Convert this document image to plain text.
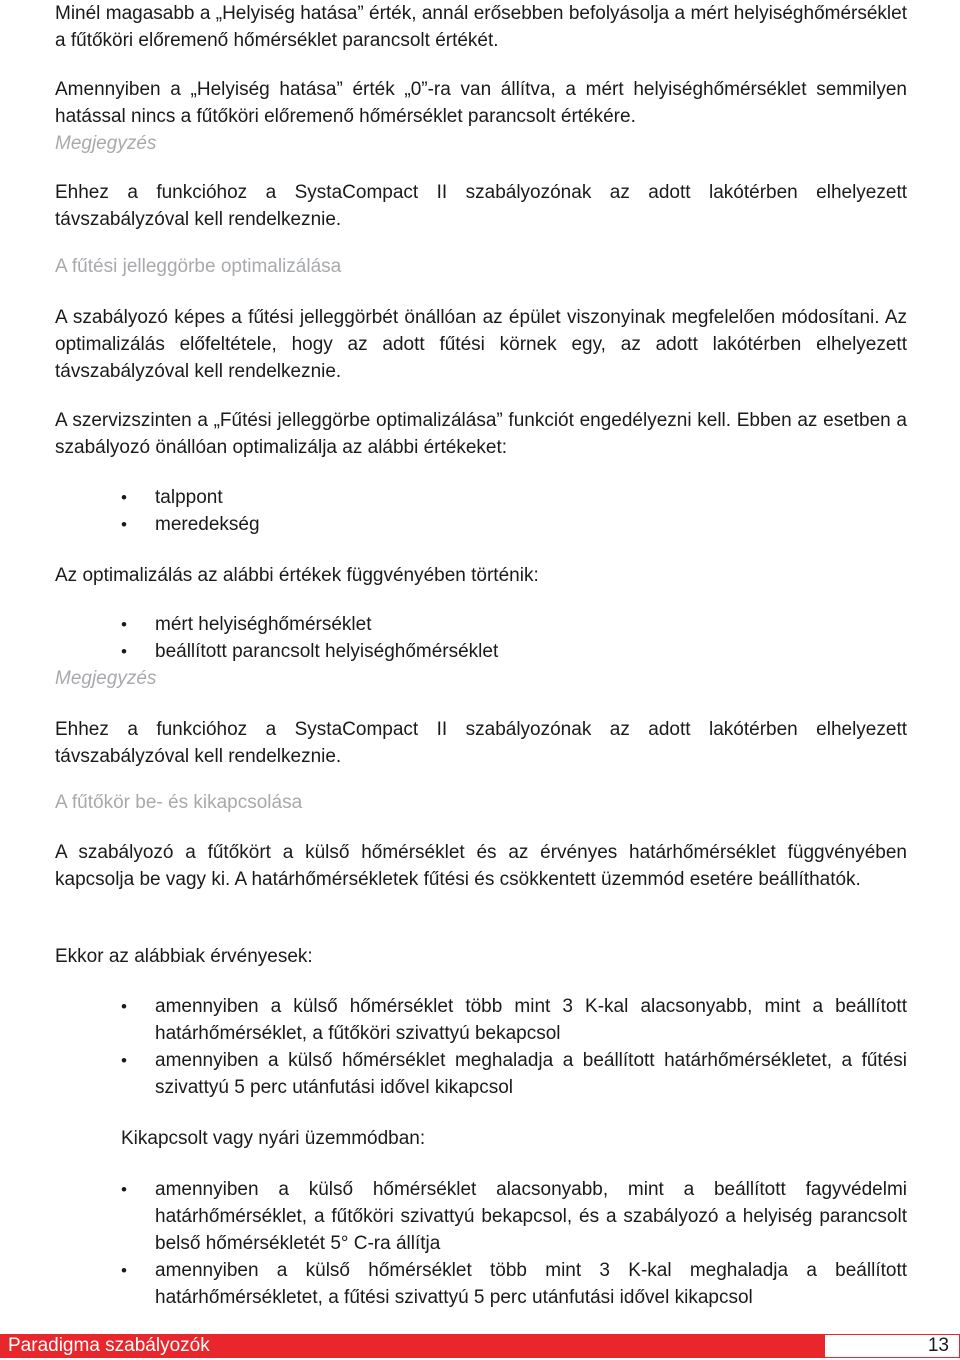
Minél magasabb a „Helyiség hatása” érték, annál erősebben befolyásolja a mért helyiséghőmérséklet a fűtőköri előremenő hőmérséklet parancsolt értékét.

Amennyiben a „Helyiség hatása” érték „0”-ra van állítva, a mért helyiséghőmérséklet semmilyen hatással nincs a fűtőköri előremenő hőmérséklet parancsolt értékére.

Megjegyzés

Ehhez a funkcióhoz a SystaCompact II szabályozónak az adott lakótérben elhelyezett távszabályzóval kell rendelkeznie.

A fűtési jelleggörbe optimalizálása

A szabályozó képes a fűtési jelleggörbét önállóan az épület viszonyinak megfelelően módosítani. Az optimalizálás előfeltétele, hogy az adott fűtési körnek egy, az adott lakótérben elhelyezett távszabályzóval kell rendelkeznie.

A szervizszinten a „Fűtési jelleggörbe optimalizálása” funkciót engedélyezni kell. Ebben az esetben a szabályozó önállóan optimalizálja az alábbi értékeket:

• talppont
• meredekség

Az optimalizálás az alábbi értékek függvényében történik:

• mért helyiséghőmérséklet
• beállított parancsolt helyiséghőmérséklet
Megjegyzés

Ehhez a funkcióhoz a SystaCompact II szabályozónak az adott lakótérben elhelyezett távszabályzóval kell rendelkeznie.

A fűtőkör be- és kikapcsolása

A szabályozó a fűtőkört a külső hőmérséklet és az érvényes határhőmérséklet függvényében kapcsolja be vagy ki. A határhőmérsékletek fűtési és csökkentett üzemmód esetére beállíthatók.

Ekkor az alábbiak érvényesek:

• amennyiben a külső hőmérséklet több mint 3 K-kal alacsonyabb, mint a beállított határhőmérséklet, a fűtőköri szivattyú bekapcsol
• amennyiben a külső hőmérséklet meghaladja a beállított határhőmérsékletet, a fűtési szivattyú 5 perc utánfutási idővel kikapcsol

Kikapcsolt vagy nyári üzemmódban:

• amennyiben a külső hőmérséklet alacsonyabb, mint a beállított fagyvédelmi határhőmérséklet, a fűtőköri szivattyú bekapcsol, és a szabályozó a helyiség parancsolt belső hőmérsékletét 5° C-ra állítja
• amennyiben a külső hőmérséklet több mint 3 K-kal meghaladja a beállított határhőmérsékletet, a fűtési szivattyú 5 perc utánfutási idővel kikapcsol
Paradigma szabályozók	13
